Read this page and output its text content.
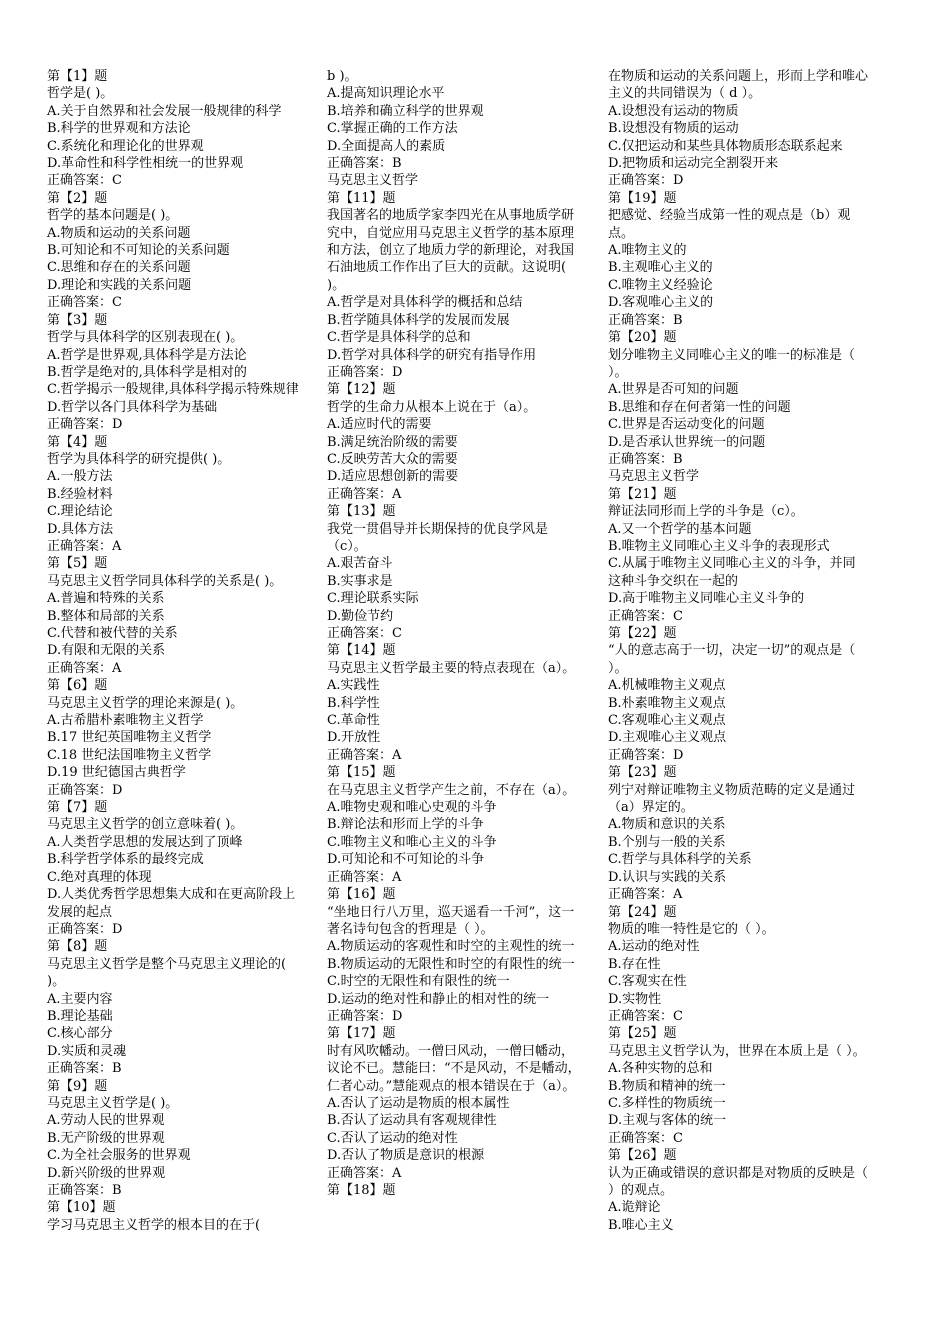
第【1】题
哲学是( )。
A.关于自然界和社会发展一般规律的科学
B.科学的世界观和方法论
C.系统化和理论化的世界观
D.革命性和科学性相统一的世界观
正确答案：C
第【2】题
哲学的基本问题是( )。
A.物质和运动的关系问题
B.可知论和不可知论的关系问题
C.思维和存在的关系问题
D.理论和实践的关系问题
正确答案：C
第【3】题
哲学与具体科学的区别表现在( )。
A.哲学是世界观,具体科学是方法论
B.哲学是绝对的,具体科学是相对的
C.哲学揭示一般规律,具体科学揭示特殊规律
D.哲学以各门具体科学为基础
正确答案：D
第【4】题
哲学为具体科学的研究提供( )。
A.一般方法
B.经验材料
C.理论结论
D.具体方法
正确答案：A
第【5】题
马克思主义哲学同具体科学的关系是( )。
A.普遍和特殊的关系
B.整体和局部的关系
C.代替和被代替的关系
D.有限和无限的关系
正确答案：A
第【6】题
马克思主义哲学的理论来源是( )。
A.古希腊朴素唯物主义哲学
B.17 世纪英国唯物主义哲学
C.18 世纪法国唯物主义哲学
D.19 世纪德国古典哲学
正确答案：D
第【7】题
马克思主义哲学的创立意味着( )。
A.人类哲学思想的发展达到了顶峰
B.科学哲学体系的最终完成
C.绝对真理的体现
D.人类优秀哲学思想集大成和在更高阶段上发展的起点
正确答案：D
第【8】题
马克思主义哲学是整个马克思主义理论的( )。
A.主要内容
B.理论基础
C.核心部分
D.实质和灵魂
正确答案：B
第【9】题
马克思主义哲学是( )。
A.劳动人民的世界观
B.无产阶级的世界观
C.为全社会服务的世界观
D.新兴阶级的世界观
正确答案：B
第【10】题
学习马克思主义哲学的根本目的在于(
b )。
A.提高知识理论水平
B.培养和确立科学的世界观
C.掌握正确的工作方法
D.全面提高人的素质
正确答案：B
马克思主义哲学
第【11】题
我国著名的地质学家李四光在从事地质学研究中，自觉应用马克思主义哲学的基本原理和方法，创立了地质力学的新理论，对我国石油地质工作作出了巨大的贡献。这说明( )。
A.哲学是对具体科学的概括和总结
B.哲学随具体科学的发展而发展
C.哲学是具体科学的总和
D.哲学对具体科学的研究有指导作用
正确答案：D
第【12】题
哲学的生命力从根本上说在于（a）。
A.适应时代的需要
B.满足统治阶级的需要
C.反映劳苦大众的需要
D.适应思想创新的需要
正确答案：A
第【13】题
我党一贯倡导并长期保持的优良学风是（c）。
A.艰苦奋斗
B.实事求是
C.理论联系实际
D.勤俭节约
正确答案：C
第【14】题
马克思主义哲学最主要的特点表现在（a）。
A.实践性
B.科学性
C.革命性
D.开放性
正确答案：A
第【15】题
在马克思主义哲学产生之前，不存在（a）。
A.唯物史观和唯心史观的斗争
B.辩论法和形而上学的斗争
C.唯物主义和唯心主义的斗争
D.可知论和不可知论的斗争
正确答案：A
第【16】题
“坐地日行八万里，巡天遥看一千河”，这一著名诗句包含的哲理是（ ）。
A.物质运动的客观性和时空的主观性的统一
B.物质运动的无限性和时空的有限性的统一
C.时空的无限性和有限性的统一
D.运动的绝对性和静止的相对性的统一
正确答案：D
第【17】题
时有风吹幡动。一僧曰风动，一僧曰幡动，议论不已。慧能曰：“不是风动，不是幡动，仁者心动。”慧能观点的根本错误在于（a）。
A.否认了运动是物质的根本属性
B.否认了运动具有客观规律性
C.否认了运动的绝对性
D.否认了物质是意识的根源
正确答案：A
第【18】题
在物质和运动的关系问题上，形而上学和唯心主义的共同错误为（ d ）。
A.设想没有运动的物质
B.设想没有物质的运动
C.仅把运动和某些具体物质形态联系起来
D.把物质和运动完全割裂开来
正确答案：D
第【19】题
把感觉、经验当成第一性的观点是（b）观点。
A.唯物主义的
B.主观唯心主义的
C.唯物主义经验论
D.客观唯心主义的
正确答案：B
第【20】题
划分唯物主义同唯心主义的唯一的标准是（ ）。
A.世界是否可知的问题
B.思维和存在何者第一性的问题
C.世界是否运动变化的问题
D.是否承认世界统一的问题
正确答案：B
马克思主义哲学
第【21】题
辩证法同形而上学的斗争是（c）。
A.又一个哲学的基本问题
B.唯物主义同唯心主义斗争的表现形式
C.从属于唯物主义同唯心主义的斗争，并同这种斗争交织在一起的
D.高于唯物主义同唯心主义斗争的
正确答案：C
第【22】题
“人的意志高于一切，决定一切”的观点是（ ）。
A.机械唯物主义观点
B.朴素唯物主义观点
C.客观唯心主义观点
D.主观唯心主义观点
正确答案：D
第【23】题
列宁对辩证唯物主义物质范畴的定义是通过（a）界定的。
A.物质和意识的关系
B.个别与一般的关系
C.哲学与具体科学的关系
D.认识与实践的关系
正确答案：A
第【24】题
物质的唯一特性是它的（ ）。
A.运动的绝对性
B.存在性
C.客观实在性
D.实物性
正确答案：C
第【25】题
马克思主义哲学认为，世界在本质上是（ ）。
A.各种实物的总和
B.物质和精神的统一
C.多样性的物质统一
D.主观与客体的统一
正确答案：C
第【26】题
认为正确或错误的意识都是对物质的反映是（ ）的观点。
A.诡辩论
B.唯心主义
